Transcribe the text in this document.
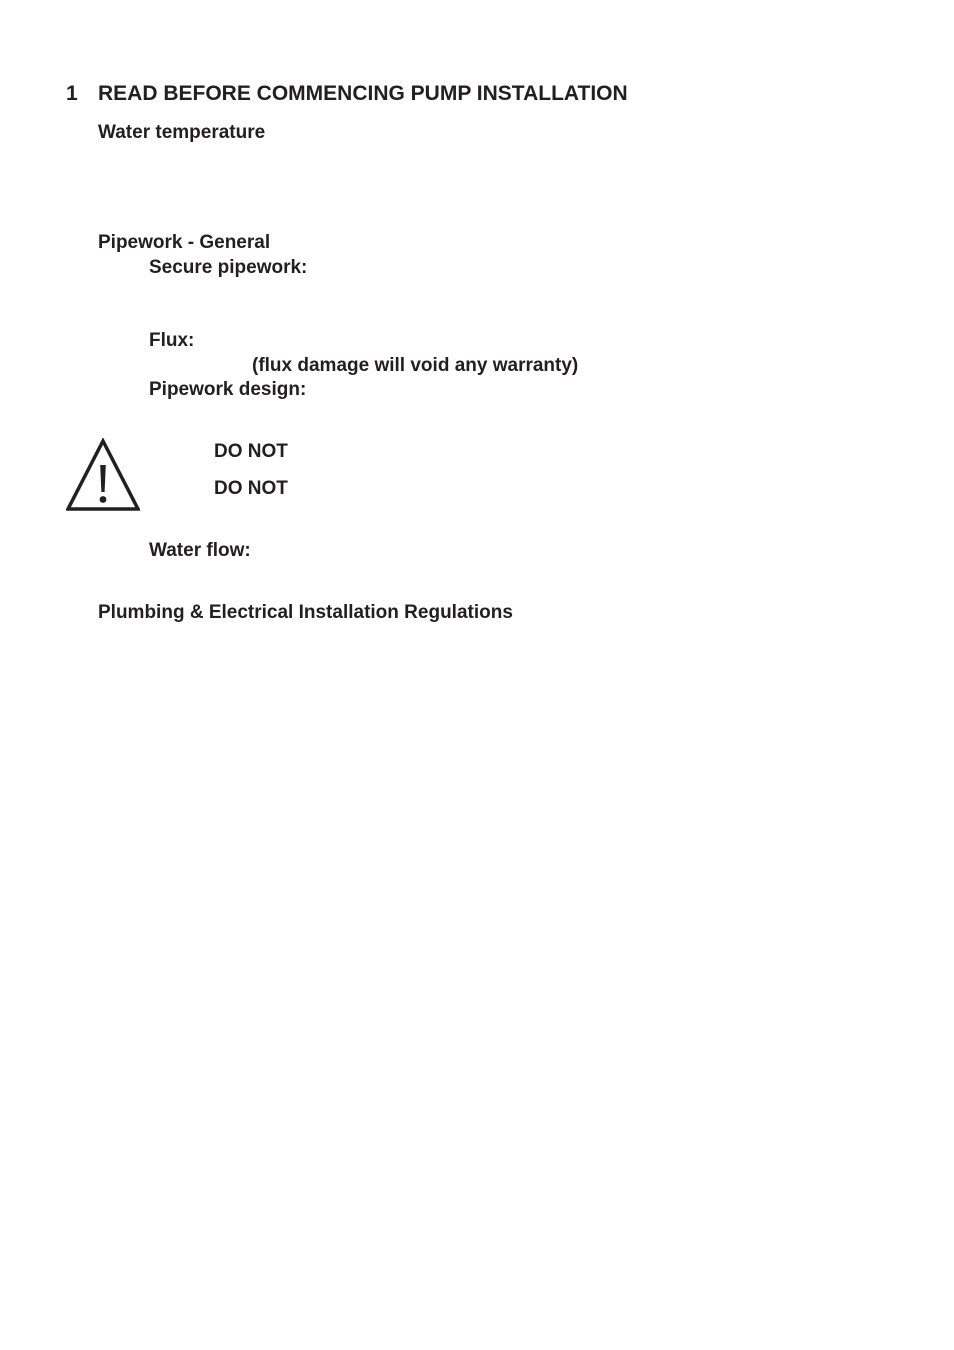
1 READ BEFORE COMMENCING PUMP INSTALLATION
Water temperature
Pipework - General
Secure pipework:
Flux:
(flux damage will void any warranty)
Pipework design:
DO NOT
DO NOT
Water flow:
Plumbing & Electrical Installation Regulations
